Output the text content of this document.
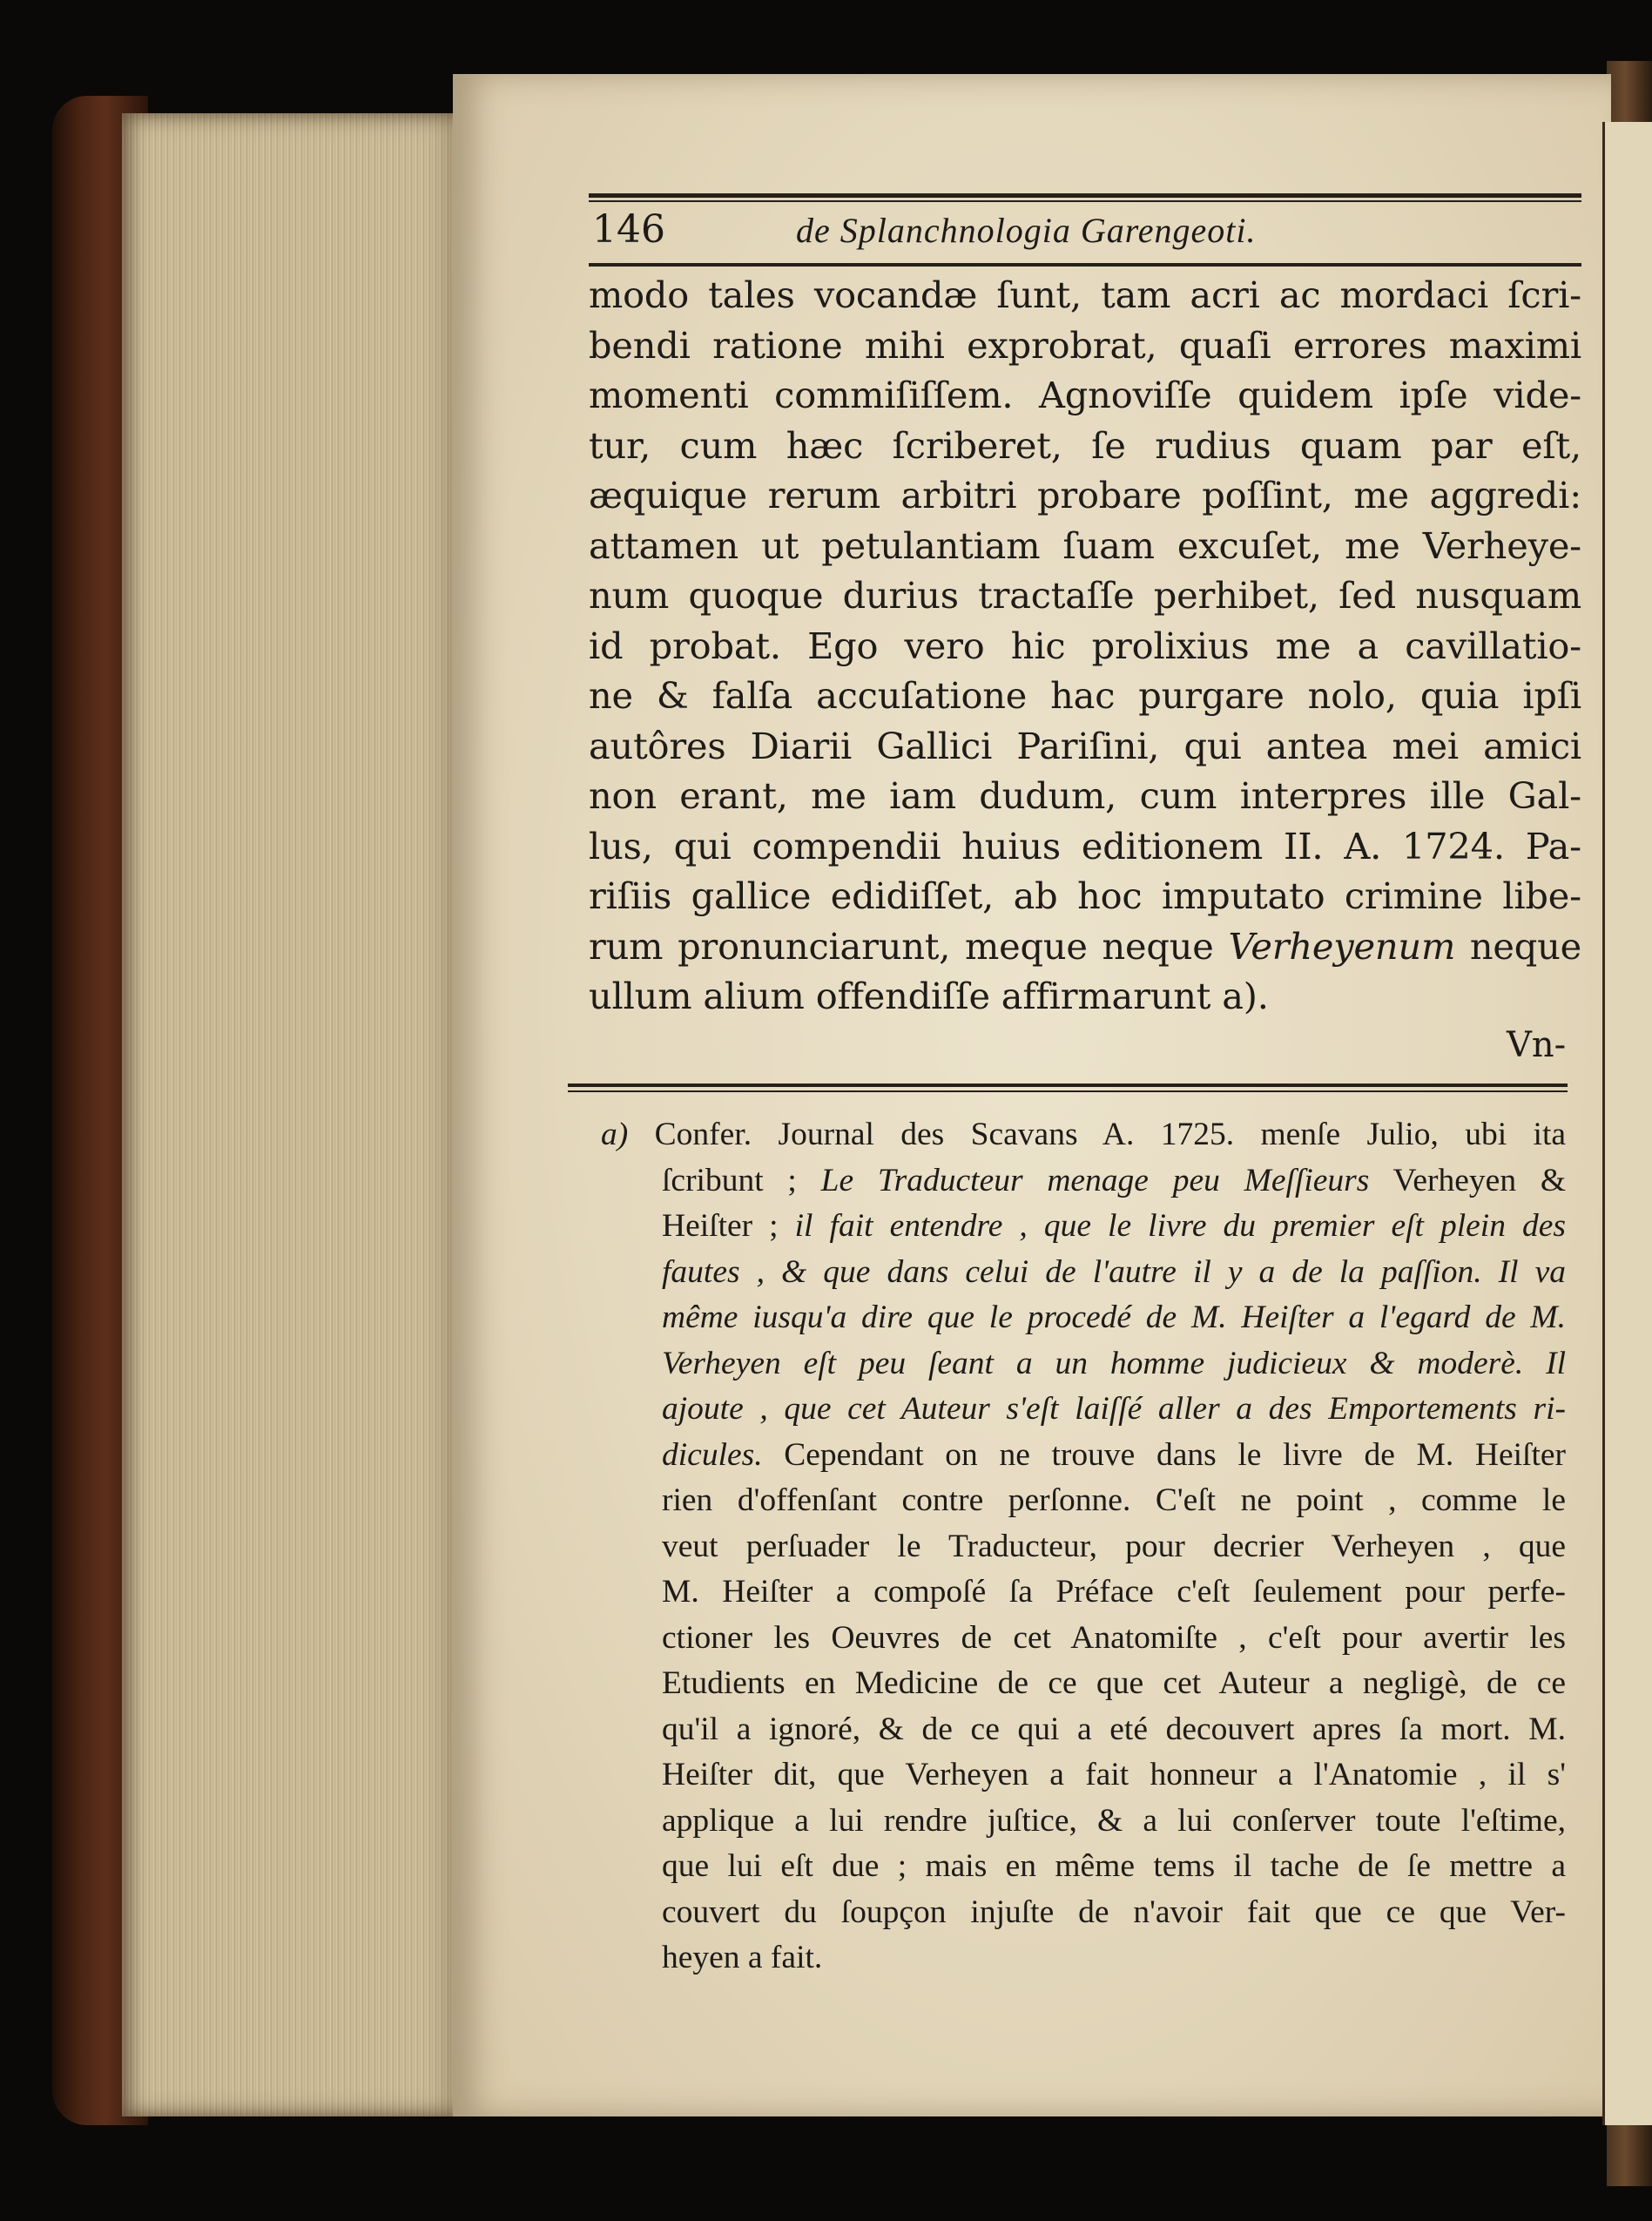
146	de Splanchnologia Garengeoti.
modo tales vocandæ ſunt, tam acri ac mordaci ſcri-
bendi ratione mihi exprobrat, quaſi errores maximi
momenti commiſiſſem. Agnoviſſe quidem ipſe vide-
tur, cum hæc ſcriberet, ſe rudius quam par eſt,
æquique rerum arbitri probare poſſint, me aggredi:
attamen ut petulantiam ſuam excuſet, me Verheye-
num quoque durius tractaſſe perhibet, ſed nusquam
id probat. Ego vero hic prolixius me a cavillatio-
ne & falſa accuſatione hac purgare nolo, quia ipſi
autôres Diarii Gallici Pariſini, qui antea mei amici
non erant, me iam dudum, cum interpres ille Gal-
lus, qui compendii huius editionem II. A. 1724. Pa-
riſiis gallice edidiſſet, ab hoc imputato crimine libe-
rum pronunciarunt, meque neque Verheyenum neque
ullum alium offendiſſe affirmarunt a).
Vn-
a) Confer. Journal des Scavans A. 1725. menſe Julio, ubi ita
ſcribunt ; Le Traducteur menage peu Meſſieurs Verheyen &
Heiſter ; il fait entendre , que le livre du premier eſt plein des
fautes , & que dans celui de l'autre il y a de la paſſion. Il va
même iusqu'a dire que le procedé de M. Heiſter a l'egard de M.
Verheyen eſt peu ſeant a un homme judicieux & moderè. Il
ajoute , que cet Auteur s'eſt laiſſé aller a des Emportements ri-
dicules. Cependant on ne trouve dans le livre de M. Heiſter
rien d'offenſant contre perſonne. C'eſt ne point , comme le
veut perſuader le Traducteur, pour decrier Verheyen , que
M. Heiſter a compoſé ſa Préface c'eſt ſeulement pour perfe-
ctioner les Oeuvres de cet Anatomiſte , c'eſt pour avertir les
Etudients en Medicine de ce que cet Auteur a negligè, de ce
qu'il a ignoré, & de ce qui a eté decouvert apres ſa mort. M.
Heiſter dit, que Verheyen a fait honneur a l'Anatomie , il s'
applique a lui rendre juſtice, & a lui conſerver toute l'eſtime,
que lui eſt due ; mais en même tems il tache de ſe mettre a
couvert du ſoupçon injuſte de n'avoir fait que ce que Ver-
heyen a fait.
